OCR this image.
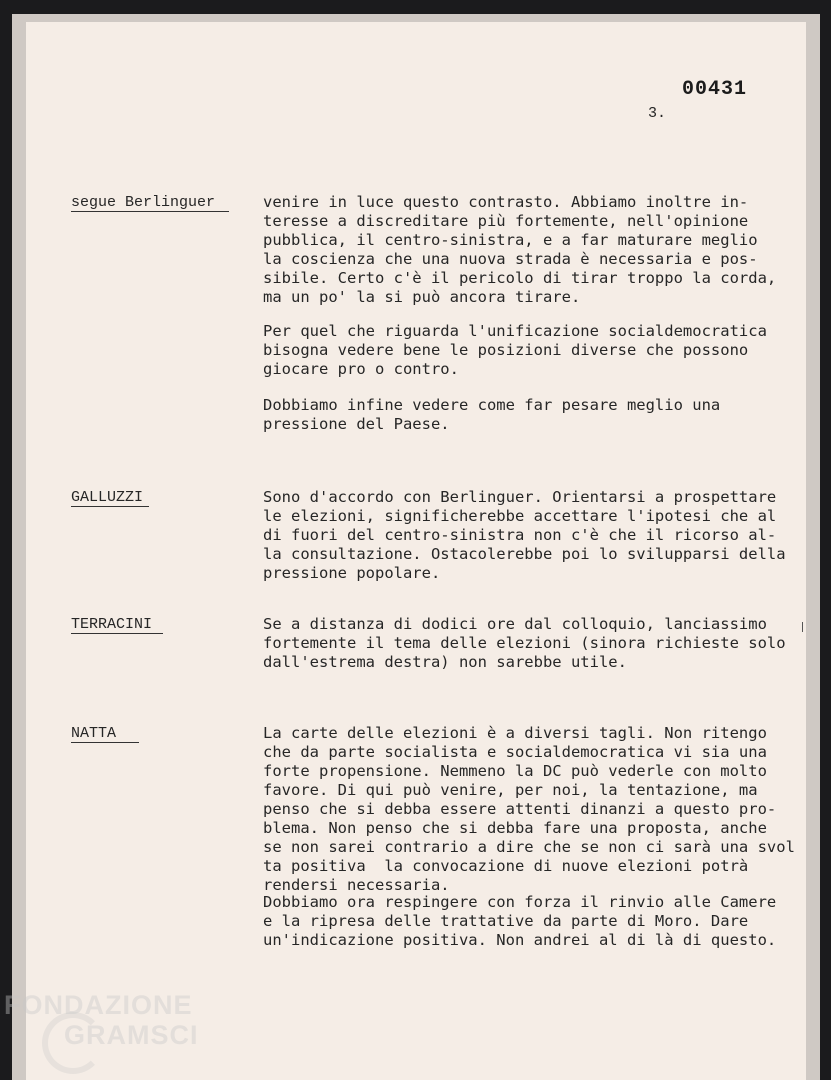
00431
3.
segue Berlinguer	venire in luce questo contrasto. Abbiamo inoltre in-
teresse a discreditare più fortemente, nell'opinione
pubblica, il centro-sinistra, e a far maturare meglio
la coscienza che una nuova strada è necessaria e pos-
sibile. Certo c'è il pericolo di tirar troppo la corda,
ma un po' la si può ancora tirare.
Per quel che riguarda l'unificazione socialdemocratica
bisogna vedere bene le posizioni diverse che possono
giocare pro o contro.
Dobbiamo infine vedere come far pesare meglio una
pressione del Paese.
GALLUZZI	Sono d'accordo con Berlinguer. Orientarsi a prospettare
le elezioni, significherebbe accettare l'ipotesi che al
di fuori del centro-sinistra non c'è che il ricorso al-
la consultazione. Ostacolerebbe poi lo svilupparsi della
pressione popolare.
TERRACINI	Se a distanza di dodici ore dal colloquio, lanciassimo
fortemente il tema delle elezioni (sinora richieste solo
dall'estrema destra) non sarebbe utile.
NATTA	La carte delle elezioni è a diversi tagli. Non ritengo
che da parte socialista e socialdemocratica vi sia una
forte propensione. Nemmeno la DC può vederle con molto
favore. Di qui può venire, per noi, la tentazione, ma
penso che si debba essere attenti dinanzi a questo pro-
blema. Non penso che si debba fare una proposta, anche
se non sarei contrario a dire che se non ci sarà una svol
ta positiva  la convocazione di nuove elezioni potrà
rendersi necessaria.
Dobbiamo ora respingere con forza il rinvio alle Camere
e la ripresa delle trattative da parte di Moro. Dare
un'indicazione positiva. Non andrei al di là di questo.
FONDAZIONE
GRAMSCI
